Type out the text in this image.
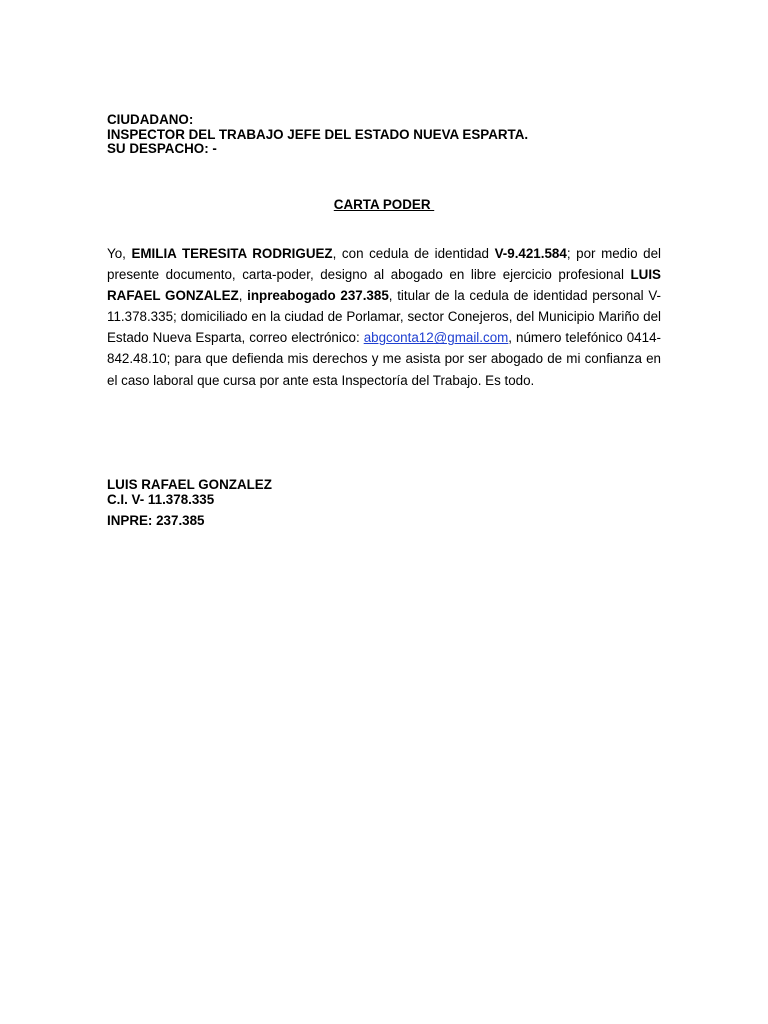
CIUDADANO:
INSPECTOR DEL TRABAJO JEFE DEL ESTADO NUEVA ESPARTA.
SU DESPACHO: -
CARTA PODER
Yo, EMILIA TERESITA RODRIGUEZ, con cedula de identidad V-9.421.584; por medio del presente documento, carta-poder, designo al abogado en libre ejercicio profesional LUIS RAFAEL GONZALEZ, inpreabogado 237.385, titular de la cedula de identidad personal V-11.378.335; domiciliado en la ciudad de Porlamar, sector Conejeros, del Municipio Mariño del Estado Nueva Esparta, correo electrónico: abgconta12@gmail.com, número telefónico 0414-842.48.10; para que defienda mis derechos y me asista por ser abogado de mi confianza en el caso laboral que cursa por ante esta Inspectoría del Trabajo. Es todo.
LUIS RAFAEL GONZALEZ
C.I. V- 11.378.335
INPRE: 237.385
